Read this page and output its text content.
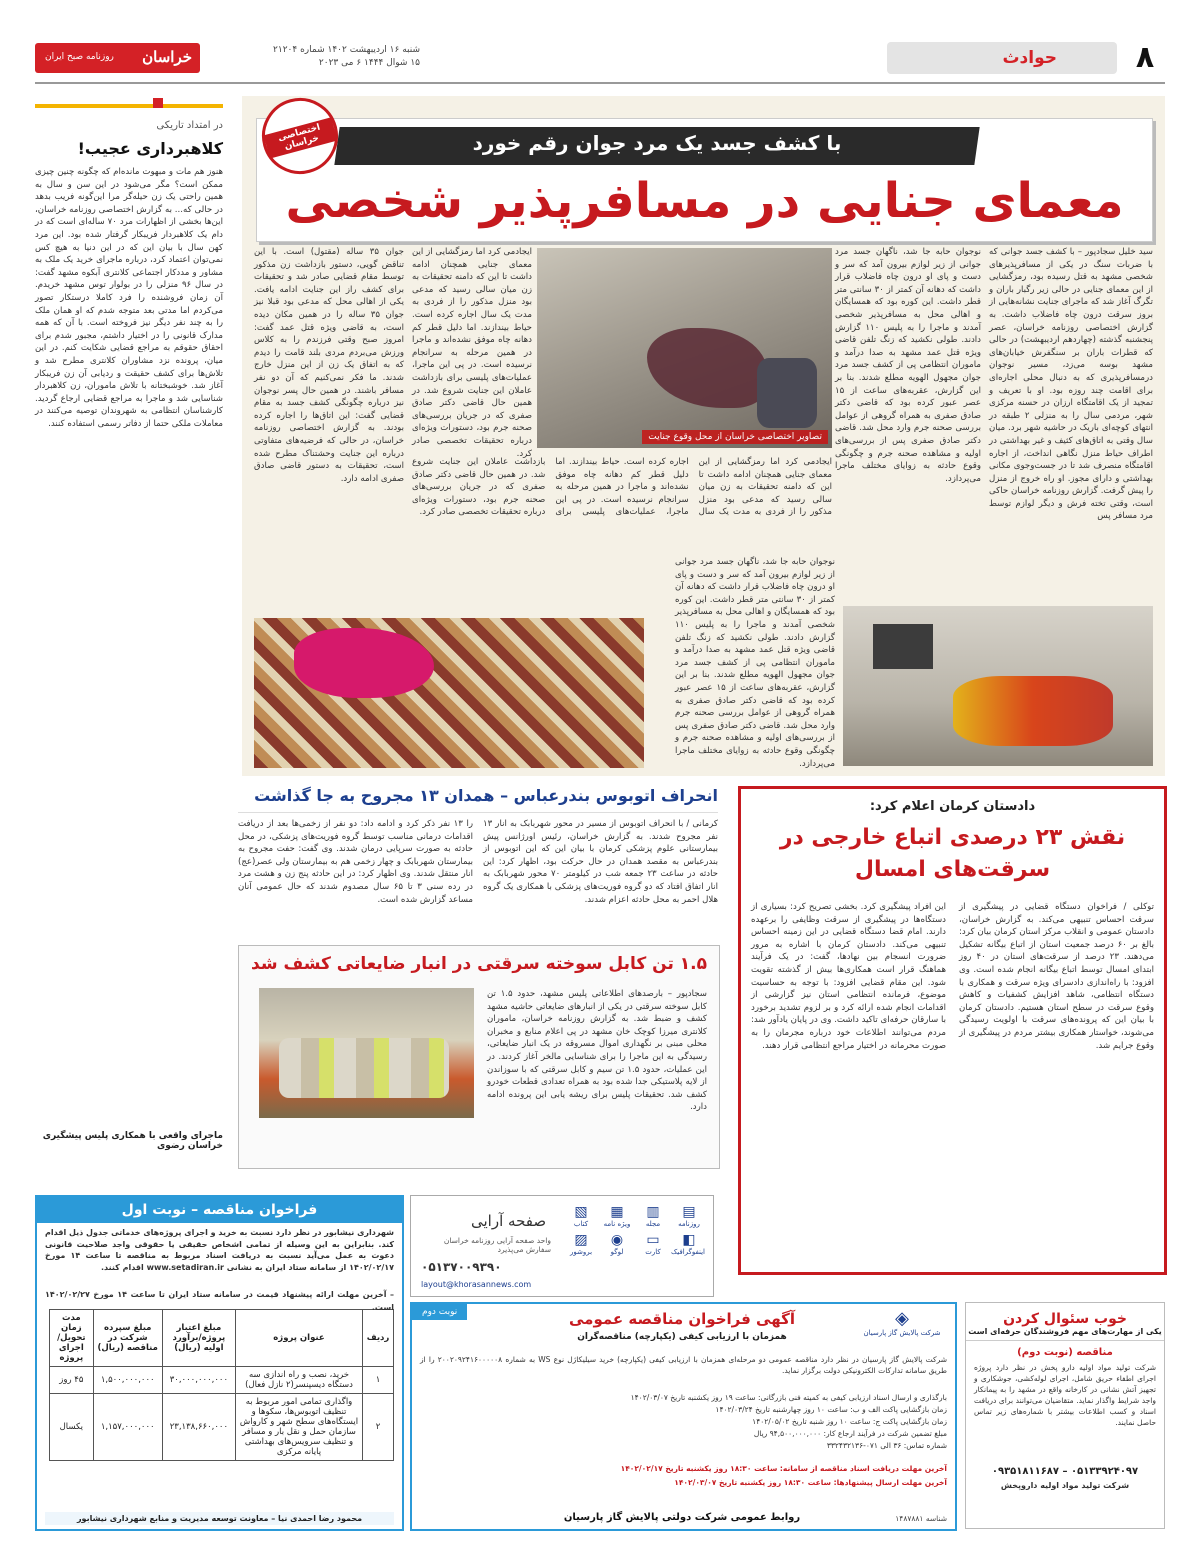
۸
حوادث
شنبه ۱۶ اردیبهشت ۱۴۰۲ شماره ۲۱۲۰۴
۱۵ شوال ۱۴۴۴ ۶ می ۲۰۲۳
خراسان
روزنامه صبح ایران
در امتداد تاریکی
کلاهبرداری عجیب!
هنوز هم مات و مبهوت مانده‌ام که چگونه چنین چیزی ممکن است؟ مگر می‌شود در این سن و سال به همین راحتی یک زن حیله‌گر مرا این‌گونه فریب بدهد در حالی که... به گزارش اختصاصی روزنامه خراسان، این‌ها بخشی از اظهارات مرد ۷۰ ساله‌ای است که در دام یک کلاهبردار فریبکار گرفتار شده بود. این مرد کهن سال با بیان این که در این دنیا به هیچ کس نمی‌توان اعتماد کرد، درباره ماجرای خرید یک ملک به مشاور و مددکار اجتماعی کلانتری آبکوه مشهد گفت: در سال ۹۶ منزلی را در بولوار توس مشهد خریدم. آن زمان فروشنده را فرد کاملا درستکار تصور می‌کردم اما مدتی بعد متوجه شدم که او همان ملک را به چند نفر دیگر نیز فروخته است. با آن که همه مدارک قانونی را در اختیار داشتم، مجبور شدم برای احقاق حقوقم به مراجع قضایی شکایت کنم. در این میان، پرونده نزد مشاوران کلانتری مطرح شد و تلاش‌ها برای کشف حقیقت و ردیابی آن زن فریبکار آغاز شد. خوشبختانه با تلاش ماموران، زن کلاهبردار شناسایی شد و ماجرا به مراجع قضایی ارجاع گردید. کارشناسان انتظامی به شهروندان توصیه می‌کنند در معاملات ملکی حتما از دفاتر رسمی استفاده کنند.
ماجرای واقعی با همکاری پلیس پیشگیری خراسان رضوی
با کشف جسد یک مرد جوان رقم خورد
معمای جنایی در مسافرپذیر شخصی
اختصاصی خراسان

سید خلیل سجادپور – با کشف جسد جوانی که با ضربات سنگ در یکی از مسافرپذیرهای شخصی مشهد به قتل رسیده بود، رمزگشایی از این معمای جنایی در حالی زیر رگبار باران و تگرگ آغاز شد که ماجرای جنایت نشانه‌هایی از بروز سرقت درون چاه فاضلاب داشت. به گزارش اختصاصی روزنامه خراسان، عصر پنجشنبه گذشته (چهاردهم اردیبهشت) در حالی که قطرات باران بر سنگفرش خیابان‌های مشهد بوسه می‌زد، مسیر نوجوان درمسافرپذیری که به دنبال محلی اجاره‌ای برای اقامت چند روزه بود. او با تعریف و تمجید از یک اقامتگاه ارزان در حسنه مرکزی شهر، مردمی سال را به منزلی ۲ طبقه در انتهای کوچه‌ای باریک در حاشیه شهر برد. میان سال وقتی به اتاق‌های کثیف و غیر بهداشتی در اطراف حیاط منزل نگاهی انداخت، از اجاره اقامتگاه منصرف شد تا در جست‌وجوی مکانی بهداشتی و دارای مجوز. او راه خروج از منزل را پیش گرفت. گزارش روزنامه خراسان حاکی است، وقتی تخته فرش و دیگر لوازم توسط مرد مسافر پس

نوجوان حابه جا شد، ناگهان جسد مرد جوانی از زیر لوازم بیرون آمد که سر و دست و پای او درون چاه فاضلاب قرار داشت که دهانه آن کمتر از ۳۰ سانتی متر قطر داشت. این کوره بود که همسایگان و اهالی محل به مسافرپذیر شخصی آمدند و ماجرا را به پلیس ۱۱۰ گزارش دادند. طولی نکشید که زنگ تلفن قاضی ویژه قتل عمد مشهد به صدا درآمد و ماموران انتظامی پی از کشف جسد مرد جوان مجهول الهویه مطلع شدند. بنا بر این گزارش، عقربه‌های ساعت از ۱۵ عصر عبور کرده بود که قاضی دکتر صادق صفری به همراه گروهی از عوامل بررسی صحنه جرم وارد محل شد. قاضی دکتر صادق صفری پس از بررسی‌های اولیه و مشاهده صحنه جرم و چگونگی وقوع حادثه به زوایای مختلف ماجرا می‌پردازد.

تصاویر اختصاصی خراسان از محل وقوع جنایت

ایجادمی کرد اما رمزگشایی از این معمای جنایی همچنان ادامه داشت تا این که دامنه تحقیقات به زن میان سالی رسید که مدعی بود منزل مذکور را از فردی به مدت یک سال اجاره کرده است. حیاط بیندازند. اما دلیل قطر کم دهانه چاه موفق نشده‌اند و ماجرا در همین مرحله به سرانجام نرسیده است. در پی این ماجرا، عملیات‌های پلیسی برای بازداشت عاملان این جنایت شروع شد. در همین حال قاضی دکتر صادق صفری که در جریان بررسی‌های صحنه جرم بود، دستورات ویژه‌ای درباره تحقیقات تخصصی صادر کرد.

جوان ۳۵ ساله (مقتول) است. با این تناقض گویی، دستور بازداشت زن مذکور توسط مقام قضایی صادر شد و تحقیقات برای کشف راز این جنایت ادامه یافت. یکی از اهالی محل که مدعی بود قبلا نیز جوان ۳۵ ساله را در همین مکان دیده است، به قاضی ویژه قتل عمد گفت: امروز صبح وقتی فرزندم را به کلاس ورزش می‌بردم مردی بلند قامت را دیدم که به اتفاق یک زن از این منزل خارج شدند. ما فکر نمی‌کنیم که آن دو نفر مسافر باشند. در همین حال پسر نوجوان نیز درباره چگونگی کشف جسد به مقام قضایی گفت: این اتاق‌ها را اجاره کرده بودند. به گزارش اختصاصی روزنامه خراسان، در حالی که فرضیه‌های متفاوتی درباره این جنایت وحشتناک مطرح شده است، تحقیقات به دستور قاضی صادق صفری ادامه دارد.

ایجادمی کرد اما رمزگشایی از این معمای جنایی همچنان ادامه داشت تا این که دامنه تحقیقات به زن میان سالی رسید که مدعی بود منزل مذکور را از فردی به مدت یک سال اجاره کرده است. حیاط بیندازند. اما دلیل قطر کم دهانه چاه موفق نشده‌اند و ماجرا در همین مرحله به سرانجام نرسیده است. در پی این ماجرا، عملیات‌های پلیسی برای بازداشت عاملان این جنایت شروع شد. در همین حال قاضی دکتر صادق صفری که در جریان بررسی‌های صحنه جرم بود، دستورات ویژه‌ای درباره تحقیقات تخصصی صادر کرد.

نوجوان حابه جا شد، ناگهان جسد مرد جوانی از زیر لوازم بیرون آمد که سر و دست و پای او درون چاه فاضلاب قرار داشت که دهانه آن کمتر از ۳۰ سانتی متر قطر داشت. این کوره بود که همسایگان و اهالی محل به مسافرپذیر شخصی آمدند و ماجرا را به پلیس ۱۱۰ گزارش دادند. طولی نکشید که زنگ تلفن قاضی ویژه قتل عمد مشهد به صدا درآمد و ماموران انتظامی پی از کشف جسد مرد جوان مجهول الهویه مطلع شدند. بنا بر این گزارش، عقربه‌های ساعت از ۱۵ عصر عبور کرده بود که قاضی دکتر صادق صفری به همراه گروهی از عوامل بررسی صحنه جرم وارد محل شد. قاضی دکتر صادق صفری پس از بررسی‌های اولیه و مشاهده صحنه جرم و چگونگی وقوع حادثه به زوایای مختلف ماجرا می‌پردازد.

دادستان کرمان اعلام کرد:
نقش ۲۳ درصدی اتباع خارجی در سرقت‌های امسال
توکلی / فراخوان دستگاه قضایی در پیشگیری از سرقت احساس تنبیهی می‌کند. به گزارش خراسان، دادستان عمومی و انقلاب مرکز استان کرمان بیان کرد: بالغ بر ۶۰ درصد جمعیت استان از اتباع بیگانه تشکیل می‌دهند. ۲۳ درصد از سرقت‌های استان در ۴۰ روز ابتدای امسال توسط اتباع بیگانه انجام شده است. وی افزود: با راه‌اندازی دادسرای ویژه سرقت و همکاری با دستگاه انتظامی، شاهد افزایش کشفیات و کاهش وقوع سرقت در سطح استان هستیم. دادستان کرمان با بیان این که پرونده‌های سرقت با اولویت رسیدگی می‌شوند، خواستار همکاری بیشتر مردم در پیشگیری از وقوع جرایم شد.
این افراد پیشگیری کرد. بخشی تصریح کرد: بسیاری از دستگاه‌ها در پیشگیری از سرقت وظایفی را برعهده دارند. امام قضا دستگاه قضایی در این زمینه احساس تنبیهی می‌کند. دادستان کرمان با اشاره به مرور ضرورت انسجام بین نهادها، گفت: در یک فرآیند هماهنگ قرار است همکاری‌ها بیش از گذشته تقویت شود. این مقام قضایی افزود: با توجه به حساسیت موضوع، فرمانده انتظامی استان نیز گزارشی از اقدامات انجام شده ارائه کرد و بر لزوم تشدید برخورد با سارقان حرفه‌ای تاکید داشت. وی در پایان یادآور شد: مردم می‌توانند اطلاعات خود درباره مجرمان را به صورت محرمانه در اختیار مراجع انتظامی قرار دهند.
انحراف اتوبوس بندرعباس – همدان ۱۳ مجروح به جا گذاشت
کرمانی / با انحراف اتوبوس از مسیر در محور شهربابک به انار ۱۳ نفر مجروح شدند. به گزارش خراسان، رئیس اورژانس پیش بیمارستانی علوم پزشکی کرمان با بیان این که این اتوبوس از بندرعباس به مقصد همدان در حال حرکت بود، اظهار کرد: این حادثه در ساعت ۲۳ جمعه شب در کیلومتر ۷۰ محور شهربابک به انار اتفاق افتاد که دو گروه فوریت‌های پزشکی با همکاری یک گروه هلال احمر به محل حادثه اعزام شدند.
را ۱۳ نفر ذکر کرد و ادامه داد: دو نفر از زخمی‌ها بعد از دریافت اقدامات درمانی مناسب توسط گروه فوریت‌های پزشکی، در محل حادثه به صورت سرپایی درمان شدند. وی گفت: حفت مجروح به بیمارستان شهربابک و چهار زخمی هم به بیمارستان ولی عصر(عج) انار منتقل شدند. وی اظهار کرد: در این حادثه پنج زن و هشت مرد در رده سنی ۳ تا ۶۵ سال مصدوم شدند که حال عمومی آنان مساعد گزارش شده است.
۱.۵ تن کابل سوخته سرقتی در انبار ضایعاتی کشف شد
سجادپور – بارصدهای اطلاعاتی پلیس مشهد، حدود ۱.۵ تن کابل سوخته سرقتی در یکی از انبارهای ضایعاتی حاشیه مشهد کشف و ضبط شد. به گزارش روزنامه خراسان، ماموران کلانتری میرزا کوچک خان مشهد در پی اعلام منابع و مخبران محلی مبنی بر نگهداری اموال مسروقه در یک انبار ضایعاتی، رسیدگی به این ماجرا را برای شناسایی مالخر آغاز کردند. در این عملیات، حدود ۱.۵ تن سیم و کابل سرقتی که با سوزاندن از لایه پلاستیکی جدا شده بود به همراه تعدادی قطعات خودرو کشف شد. تحقیقات پلیس برای ریشه یابی این پرونده ادامه دارد.
صفحه آرایی
واحد صفحه آرایی روزنامه خراسان سفارش می‌پذیرد
۰۵۱۳۷۰۰۹۳۹۰
layout@khorasannews.com
▤
روزنامه
▥
مجله
▦
ویژه نامه
▧
کتاب
◧
اینفوگرافیک
▭
کارت
◉
لوگو
▨
بروشور
فراخوان مناقصه – نوبت اول
شهرداری نیشابور در نظر دارد نسبت به خرید و اجرای پروژه‌های خدماتی جدول ذیل اقدام کند. بنابراین به این وسیله از تمامی اشخاص حقیقی یا حقوقی واجد صلاحیت قانونی دعوت به عمل می‌آید نسبت به دریافت اسناد مربوط به مناقصه تا ساعت ۱۴ مورخ ۱۴۰۲/۰۲/۱۷ از سامانه ستاد ایران به نشانی www.setadiran.ir اقدام کنند.
– آخرین مهلت ارائه پیشنهاد قیمت در سامانه ستاد ایران تا ساعت ۱۴ مورخ ۱۴۰۲/۰۲/۲۷ است.
ردیف	عنوان پروژه	مبلغ اعتبار پروژه/برآورد اولیه (ریال)	مبلغ سپرده شرکت در مناقصه (ریال)	مدت زمان تحویل/اجرای پروژه
۱	خرید، نصب و راه اندازی سه دستگاه دیسپنسر(۲ نازل فعال)	۳۰,۰۰۰,۰۰۰,۰۰۰	۱,۵۰۰,۰۰۰,۰۰۰	۴۵ روز
۲	واگذاری تمامی امور مربوط به تنظیف اتوبوس‌ها، سکوها و ایستگاه‌های سطح شهر و کارواش سازمان حمل و نقل بار و مسافر و تنظیف سرویس‌های بهداشتی پایانه مرکزی	۲۳,۱۳۸,۶۶۰,۰۰۰	۱,۱۵۷,۰۰۰,۰۰۰	یکسال
محمود رضا احمدی نیا – معاونت توسعه مدیریت و منابع شهرداری نیشابور
نوبت دوم	آگهی فراخوان مناقصه عمومی
همزمان با ارزیابی کیفی (یکپارچه) مناقصه‌گران
◈
شرکت پالایش گاز پارسیان
شرکت پالایش گاز پارسیان در نظر دارد مناقصه عمومی دو مرحله‌ای همزمان با ارزیابی کیفی (یکپارچه) خرید سیلیکاژل نوع WS به شماره ۲۰۰۲۰۹۲۴۱۶۰۰۰۰۰۸ را از طریق سامانه تدارکات الکترونیکی دولت برگزار نماید.
بارگذاری و ارسال اسناد ارزیابی کیفی به کمیته فنی بازرگانی: ساعت ۱۹ روز یکشنبه تاریخ ۱۴۰۲/۰۳/۰۷
زمان بازگشایی پاکت الف و ب: ساعت ۱۰ روز چهارشنبه تاریخ ۱۴۰۲/۰۳/۲۴
زمان بازگشایی پاکت ج: ساعت ۱۰ روز شنبه تاریخ ۱۴۰۲/۰۵/۰۲
مبلغ تضمین شرکت در فرآیند ارجاع کار: ۹۴,۵۰۰,۰۰۰,۰۰۰ ریال
شماره تماس: ۳۶ الی ۰۷۱-۳۳۲۴۳۲۱۳۶
آخرین مهلت دریافت اسناد مناقصه از سامانه: ساعت ۱۸:۳۰ روز یکشنبه تاریخ ۱۴۰۲/۰۲/۱۷
آخرین مهلت ارسال پیشنهادها: ساعت ۱۸:۳۰ روز یکشنبه تاریخ ۱۴۰۲/۰۳/۰۷
روابط عمومی شرکت دولتی پالایش گاز پارسیان	شناسه ۱۴۸۷۸۸۱
خوب سئوال کردن
یکی از مهارت‌های مهم فروشندگان حرفه‌ای است
مناقصه (نوبت دوم)
شرکت تولید مواد اولیه دارو پخش در نظر دارد پروژه اجرای اطفاء حریق شامل، اجرای لوله‌کشی، جوشکاری و تجهیز آتش نشانی در کارخانه واقع در مشهد را به پیمانکار واجد شرایط واگذار نماید. متقاضیان می‌توانند برای دریافت اسناد و کسب اطلاعات بیشتر با شماره‌های زیر تماس حاصل نمایند.
۰۵۱۳۳۹۲۴۰۹۷ – ۰۹۳۵۱۸۱۱۶۸۷
شرکت تولید مواد اولیه داروپخش
